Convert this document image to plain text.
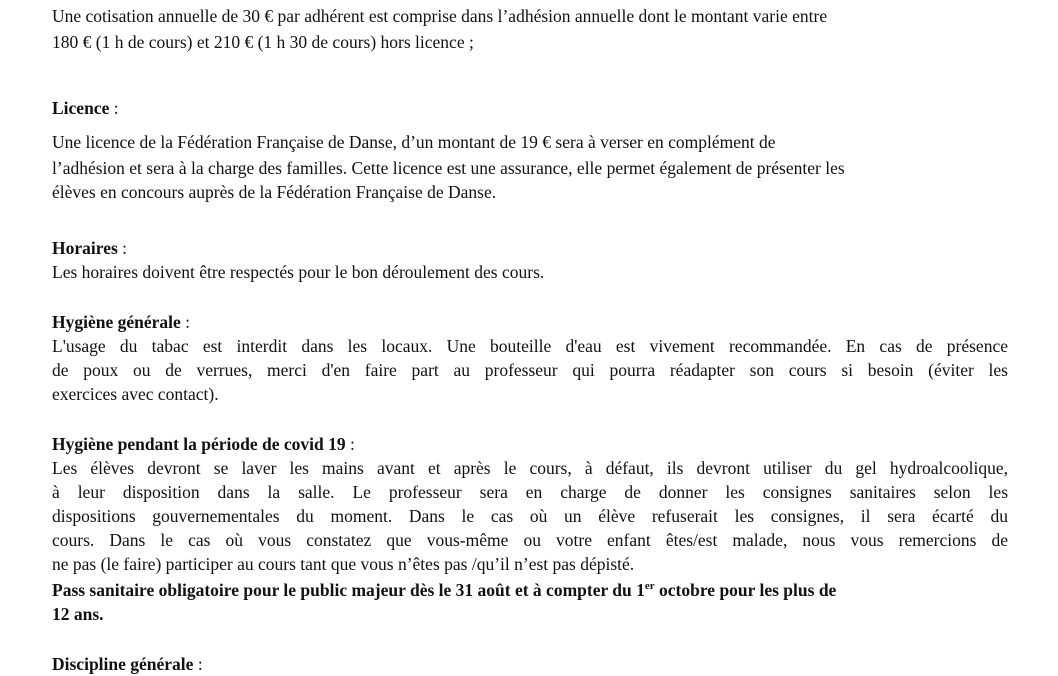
Une cotisation annuelle de 30 € par adhérent est comprise dans l’adhésion annuelle dont le montant varie entre
180 € (1 h de cours) et 210 € (1 h 30 de cours) hors licence ;
Licence :
Une licence de la Fédération Française de Danse, d’un montant de 19 € sera à verser en complément de
l’adhésion et sera à la charge des familles. Cette licence est une assurance, elle permet également de présenter les
élèves en concours auprès de la Fédération Française de Danse.
Horaires :
Les horaires doivent être respectés pour le bon déroulement des cours.
Hygiène générale :
L'usage du tabac est interdit dans les locaux. Une bouteille d'eau est vivement recommandée. En cas de présence
de poux ou de verrues, merci d'en faire part au professeur qui pourra réadapter son cours si besoin (éviter les
exercices avec contact).
Hygiène pendant la période de covid 19 :
Les élèves devront se laver les mains avant et après le cours, à défaut, ils devront utiliser du gel hydroalcoolique,
à leur disposition dans la salle. Le professeur sera en charge de donner les consignes sanitaires selon les
dispositions gouvernementales du moment. Dans le cas où un élève refuserait les consignes, il sera écarté du
cours. Dans le cas où vous constatez que vous-même ou votre enfant êtes/est malade, nous vous remercions de
ne pas (le faire) participer au cours tant que vous n’êtes pas /qu’il n’est pas dépisté.
Pass sanitaire obligatoire pour le public majeur dès le 31 août et à compter du 1er octobre pour les plus de
12 ans.
Discipline générale :
